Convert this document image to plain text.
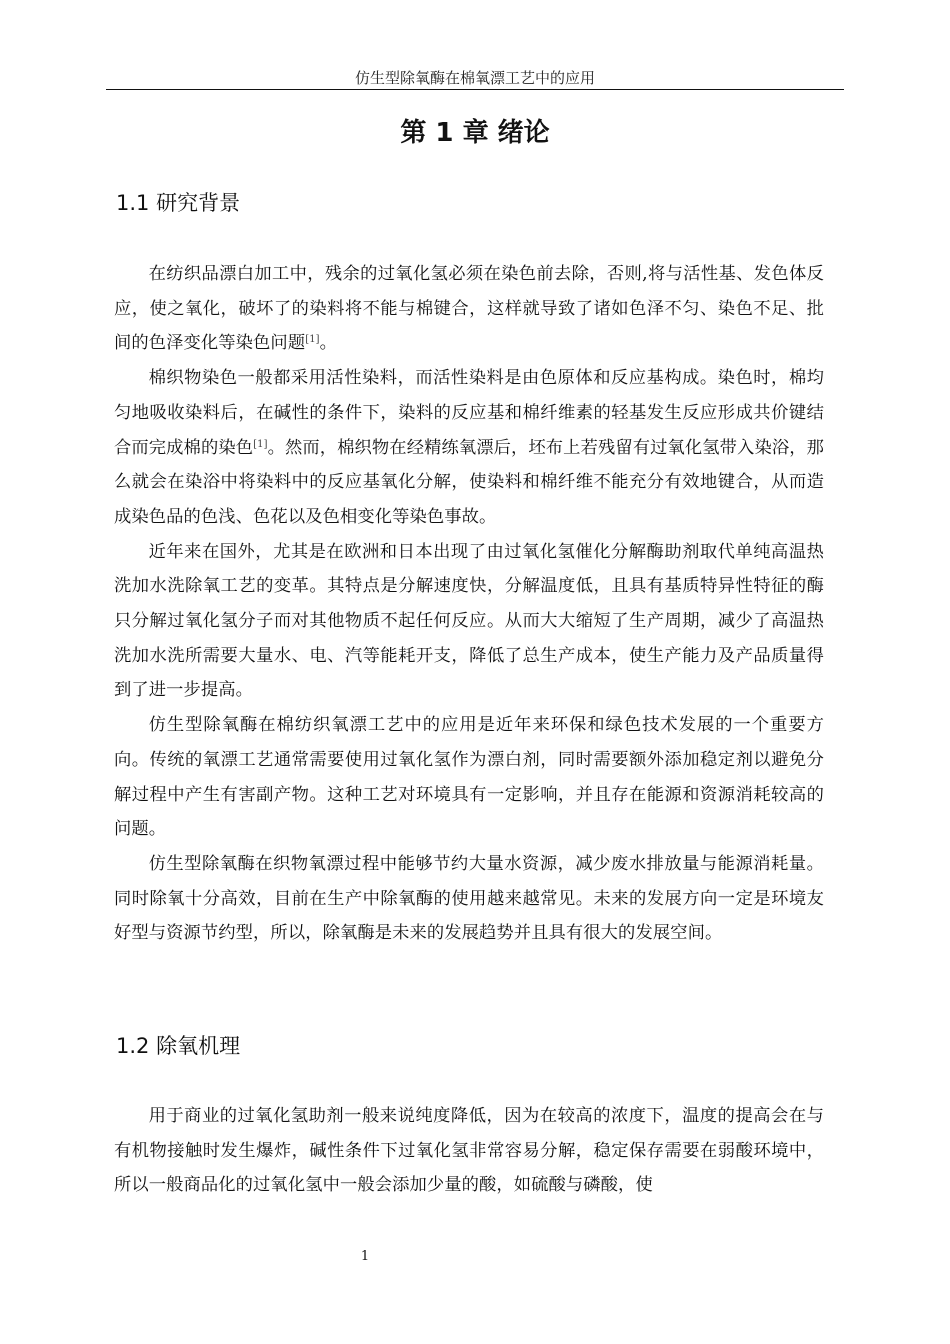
仿生型除氧酶在棉氧漂工艺中的应用
第 1 章 绪论
1.1 研究背景

在纺织品漂白加工中，残余的过氧化氢必须在染色前去除，否则,将与活性基、发色体反应，使之氧化，破坏了的染料将不能与棉键合，这样就导致了诸如色泽不匀、染色不足、批间的色泽变化等染色问题[1]。

棉织物染色一般都采用活性染料，而活性染料是由色原体和反应基构成。染色时，棉均匀地吸收染料后，在碱性的条件下，染料的反应基和棉纤维素的轻基发生反应形成共价键结合而完成棉的染色[1]。然而，棉织物在经精练氧漂后，坯布上若残留有过氧化氢带入染浴，那么就会在染浴中将染料中的反应基氧化分解，使染料和棉纤维不能充分有效地键合，从而造成染色品的色浅、色花以及色相变化等染色事故。

近年来在国外，尤其是在欧洲和日本出现了由过氧化氢催化分解酶助剂取代单纯高温热洗加水洗除氧工艺的变革。其特点是分解速度快，分解温度低，且具有基质特异性特征的酶只分解过氧化氢分子而对其他物质不起任何反应。从而大大缩短了生产周期，减少了高温热洗加水洗所需要大量水、电、汽等能耗开支，降低了总生产成本，使生产能力及产品质量得到了进一步提高。

仿生型除氧酶在棉纺织氧漂工艺中的应用是近年来环保和绿色技术发展的一个重要方向。传统的氧漂工艺通常需要使用过氧化氢作为漂白剂，同时需要额外添加稳定剂以避免分解过程中产生有害副产物。这种工艺对环境具有一定影响，并且存在能源和资源消耗较高的问题。

仿生型除氧酶在织物氧漂过程中能够节约大量水资源，减少废水排放量与能源消耗量。同时除氧十分高效，目前在生产中除氧酶的使用越来越常见。未来的发展方向一定是环境友好型与资源节约型，所以，除氧酶是未来的发展趋势并且具有很大的发展空间。

1.2 除氧机理

用于商业的过氧化氢助剂一般来说纯度降低，因为在较高的浓度下，温度的提高会在与有机物接触时发生爆炸，碱性条件下过氧化氢非常容易分解，稳定保存需要在弱酸环境中，所以一般商品化的过氧化氢中一般会添加少量的酸，如硫酸与磷酸，使

1
